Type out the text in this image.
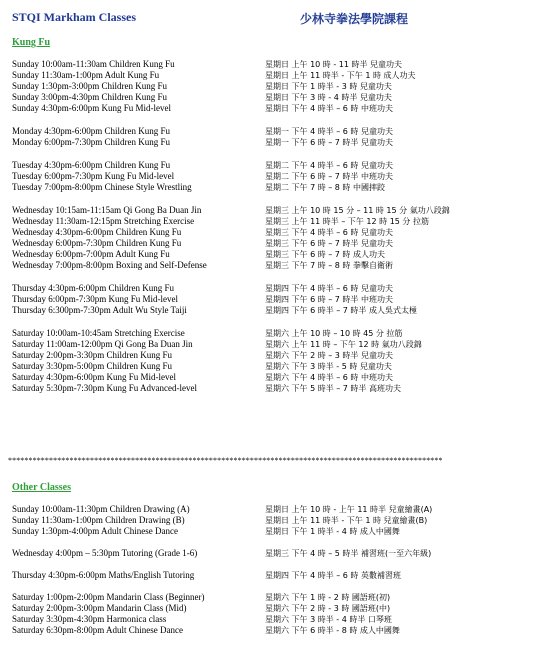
STQI Markham Classes	少林寺拳法學院課程
Kung Fu
Sunday 10:00am-11:30am Children Kung Fu	星期日 上午 10 時 - 11 時半 兒童功夫
Sunday 11:30am-1:00pm Adult Kung Fu	星期日 上午 11 時半 - 下午 1 時 成人功夫
Sunday 1:30pm-3:00pm Children Kung Fu	星期日 下午 1 時半 - 3 時 兒童功夫
Sunday 3:00pm-4:30pm Children Kung Fu	星期日 下午 3 時 - 4 時半 兒童功夫
Sunday 4:30pm-6:00pm Kung Fu Mid-level	星期日 下午 4 時半 – 6 時 中班功夫
Monday 4:30pm-6:00pm Children Kung Fu	星期一 下午 4 時半 – 6 時 兒童功夫
Monday 6:00pm-7:30pm Children Kung Fu	星期一 下午 6 時 – 7 時半 兒童功夫
Tuesday 4:30pm-6:00pm Children Kung Fu	星期二 下午 4 時半 – 6 時 兒童功夫
Tuesday 6:00pm-7:30pm Kung Fu Mid-level	星期二 下午 6 時 – 7 時半 中班功夫
Tuesday 7:00pm-8:00pm Chinese Style Wrestling	星期二 下午 7 時 – 8 時 中國摔跤
Wednesday 10:15am-11:15am Qi Gong Ba Duan Jin	星期三 上午 10 時 15 分 – 11 時 15 分 氣功八段錦
Wednesday 11:30am-12:15pm Stretching Exercise	星期三 上午 11 時半 – 下午 12 時 15 分 拉筋
Wednesday 4:30pm-6:00pm Children Kung Fu	星期三 下午 4 時半 – 6 時 兒童功夫
Wednesday 6:00pm-7:30pm Children Kung Fu	星期三 下午 6 時 – 7 時半 兒童功夫
Wednesday 6:00pm-7:00pm Adult Kung Fu	星期三 下午 6 時 – 7 時 成人功夫
Wednesday 7:00pm-8:00pm Boxing and Self-Defense	星期三 下午 7 時 – 8 時 拳擊自衛術
Thursday 4:30pm-6:00pm Children Kung Fu	星期四 下午 4 時半 – 6 時 兒童功夫
Thursday 6:00pm-7:30pm Kung Fu Mid-level	星期四 下午 6 時 – 7 時半 中班功夫
Thursday 6:300pm-7:30pm Adult Wu Style Taiji	星期四 下午 6 時半 – 7 時半 成人吳式太極
Saturday 10:00am-10:45am Stretching Exercise	星期六 上午 10 時 – 10 時 45 分 拉筋
Saturday 11:00am-12:00pm Qi Gong Ba Duan Jin	星期六 上午 11 時 – 下午 12 時 氣功八段錦
Saturday 2:00pm-3:30pm Children Kung Fu	星期六 下午 2 時 – 3 時半 兒童功夫
Saturday 3:30pm-5:00pm Children Kung Fu	星期六 下午 3 時半 - 5 時 兒童功夫
Saturday 4:30pm-6:00pm Kung Fu Mid-level	星期六 下午 4 時半 – 6 時 中班功夫
Saturday 5:30pm-7:30pm Kung Fu Advanced-level	星期六 下午 5 時半 – 7 時半 高班功夫
**********************************************************************************************************
Other Classes
Sunday 10:00am-11:30pm Children Drawing (A)	星期日 上午 10 時 - 上午 11 時半 兒童繪畫(A)
Sunday 11:30am-1:00pm Children Drawing (B)	星期日 上午 11 時半 - 下午 1 時 兒童繪畫(B)
Sunday 1:30pm-4:00pm Adult Chinese Dance	星期日 下午 1 時半 - 4 時 成人中國舞
Wednesday 4:00pm – 5:30pm Tutoring (Grade 1-6)	星期三 下午 4 時 – 5 時半 補習班(一至六年級)
Thursday 4:30pm-6:00pm Maths/English Tutoring	星期四 下午 4 時半 – 6 時 英數補習班
Saturday 1:00pm-2:00pm Mandarin Class (Beginner)	星期六 下午 1 時 - 2 時 國語班(初)
Saturday 2:00pm-3:00pm Mandarin Class (Mid)	星期六 下午 2 時 - 3 時 國語班(中)
Saturday 3:30pm-4:30pm Harmonica class	星期六 下午 3 時半 - 4 時半 口琴班
Saturday 6:30pm-8:00pm Adult Chinese Dance	星期六 下午 6 時半 - 8 時 成人中國舞
